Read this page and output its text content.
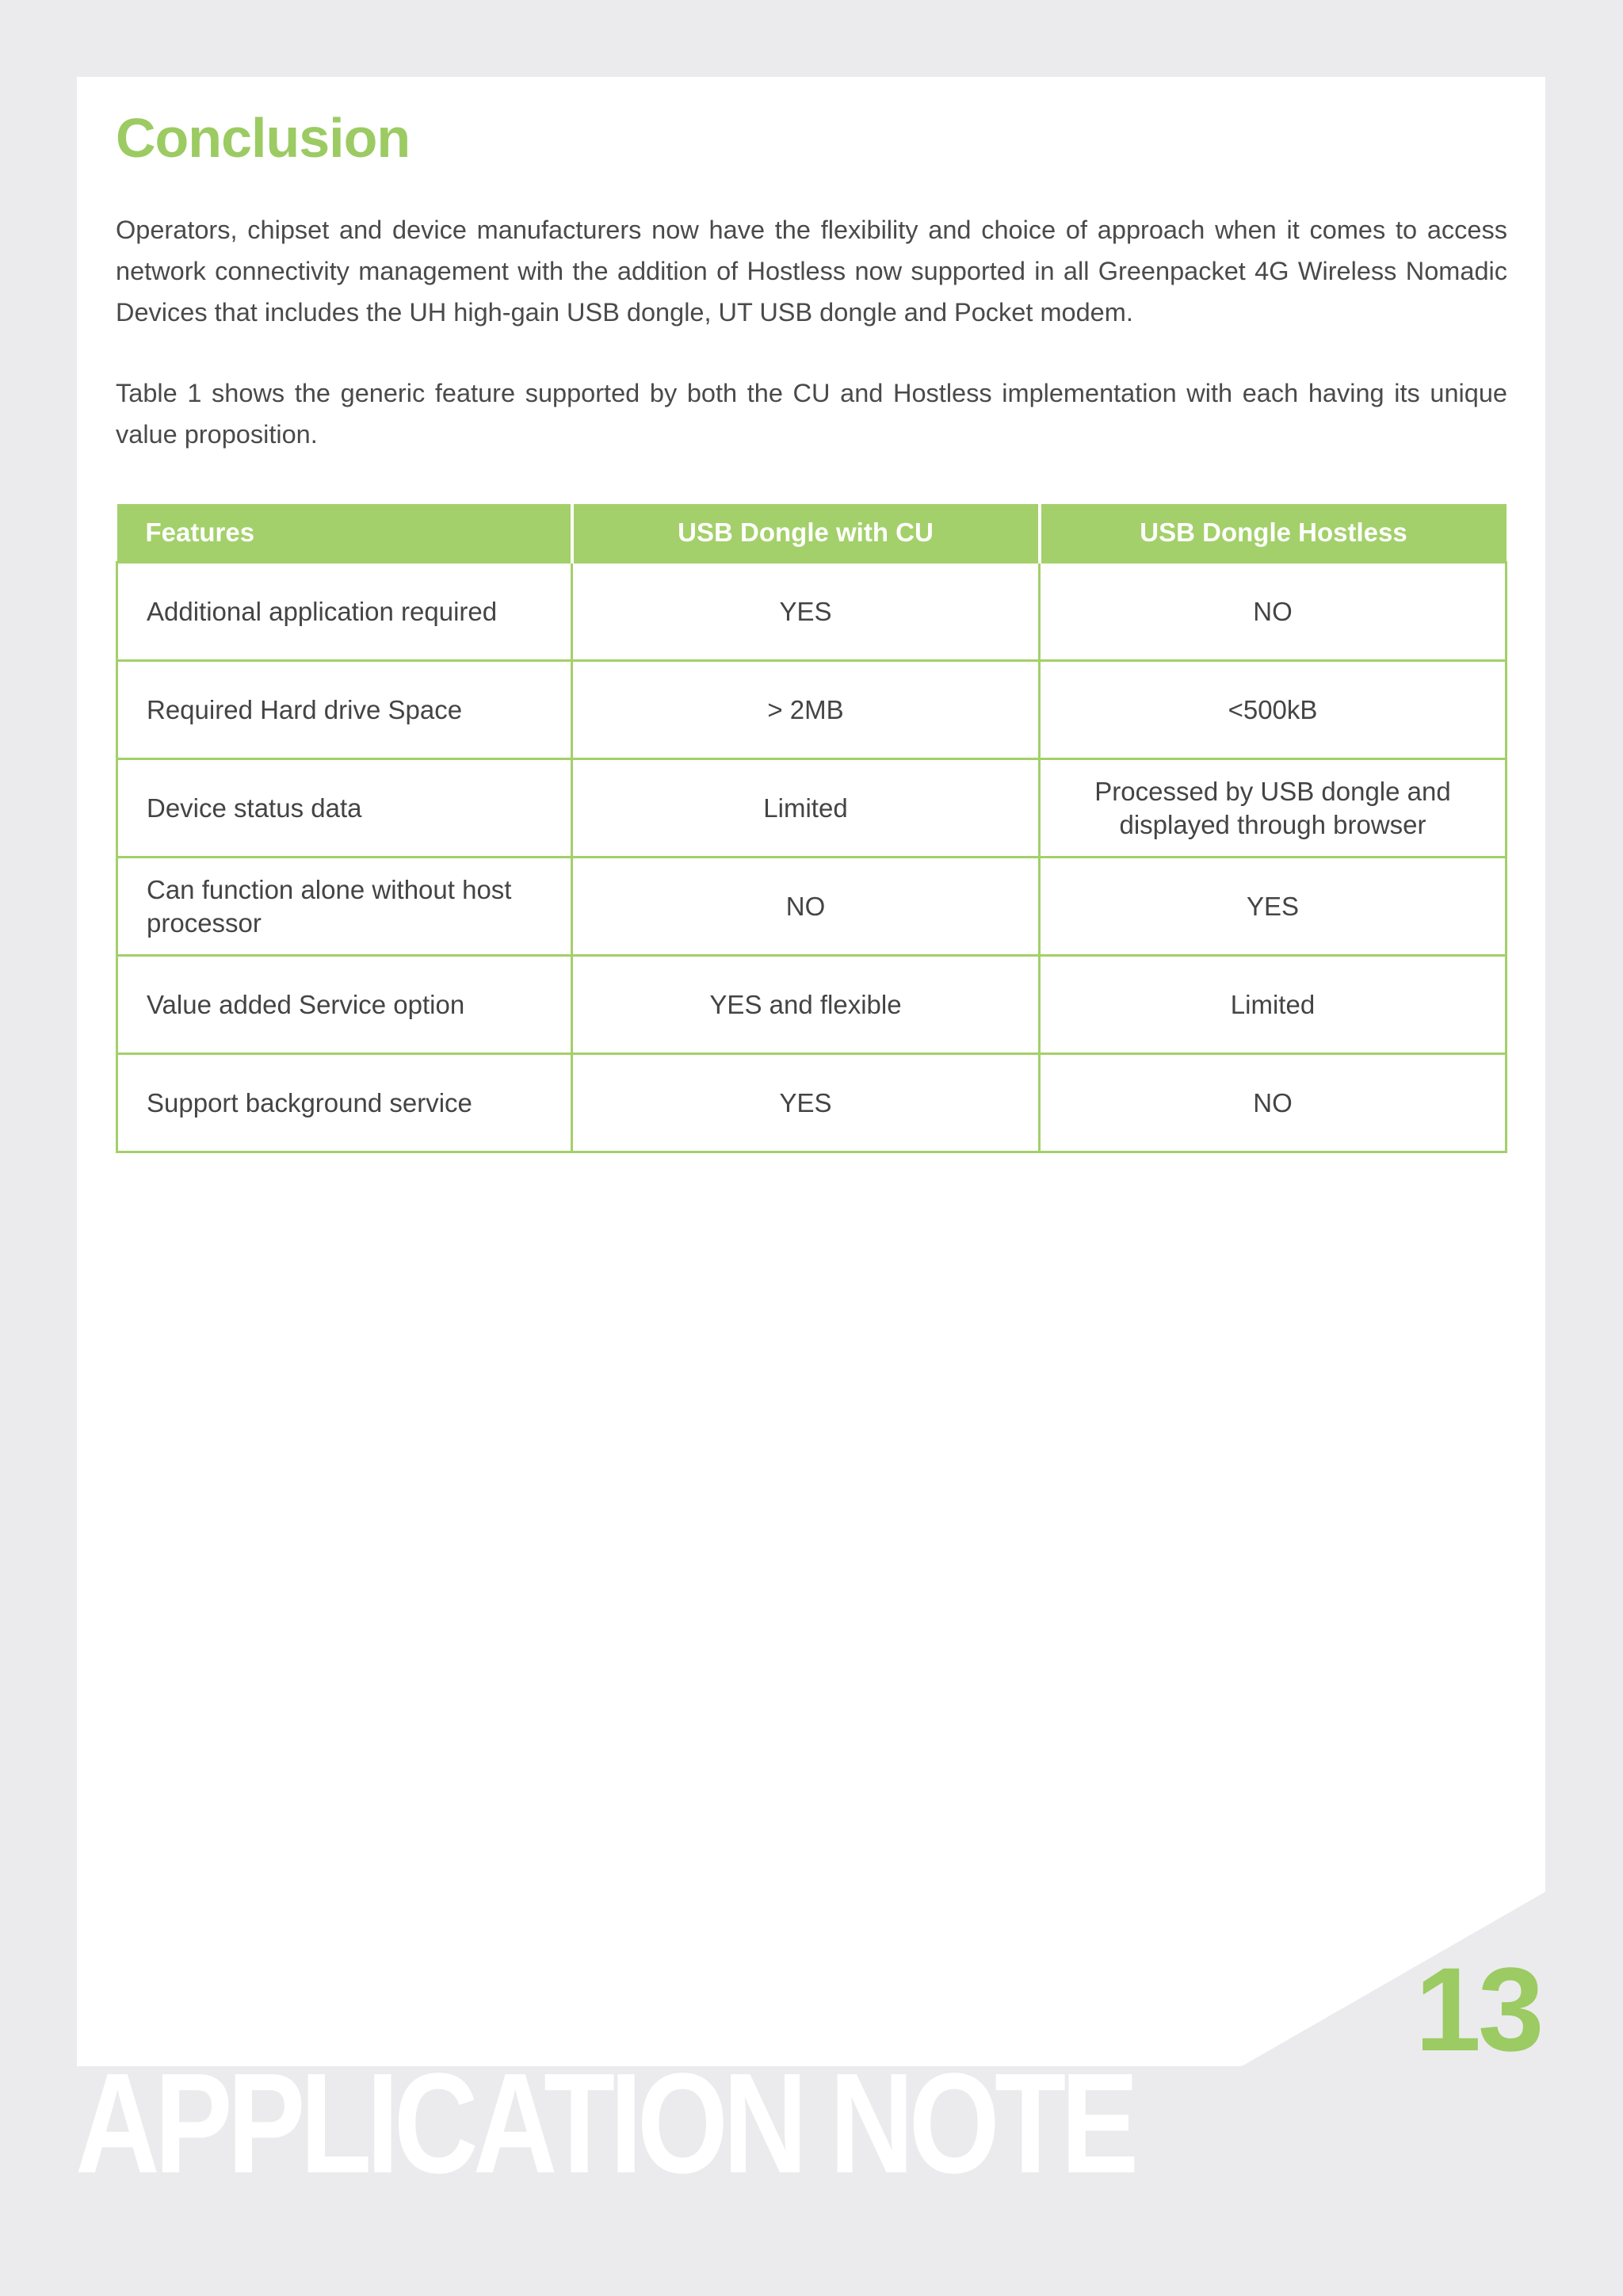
Conclusion

Operators, chipset and device manufacturers now have the flexibility and choice of approach when it comes to access network connectivity management with the addition of Hostless now supported in all Greenpacket 4G Wireless Nomadic Devices that includes the UH high-gain USB dongle, UT USB dongle and Pocket modem.

Table 1 shows the generic feature supported by both the CU and Hostless implementation with each having its unique value proposition.

Features	USB Dongle with CU	USB Dongle Hostless
Additional application required	YES	NO
Required Hard drive Space	> 2MB	<500kB
Device status data	Limited	Processed by USB dongle and displayed through browser
Can function alone without host processor	NO	YES
Value added Service option	YES and flexible	Limited
Support background service	YES	NO
13
APPLICATION NOTE
